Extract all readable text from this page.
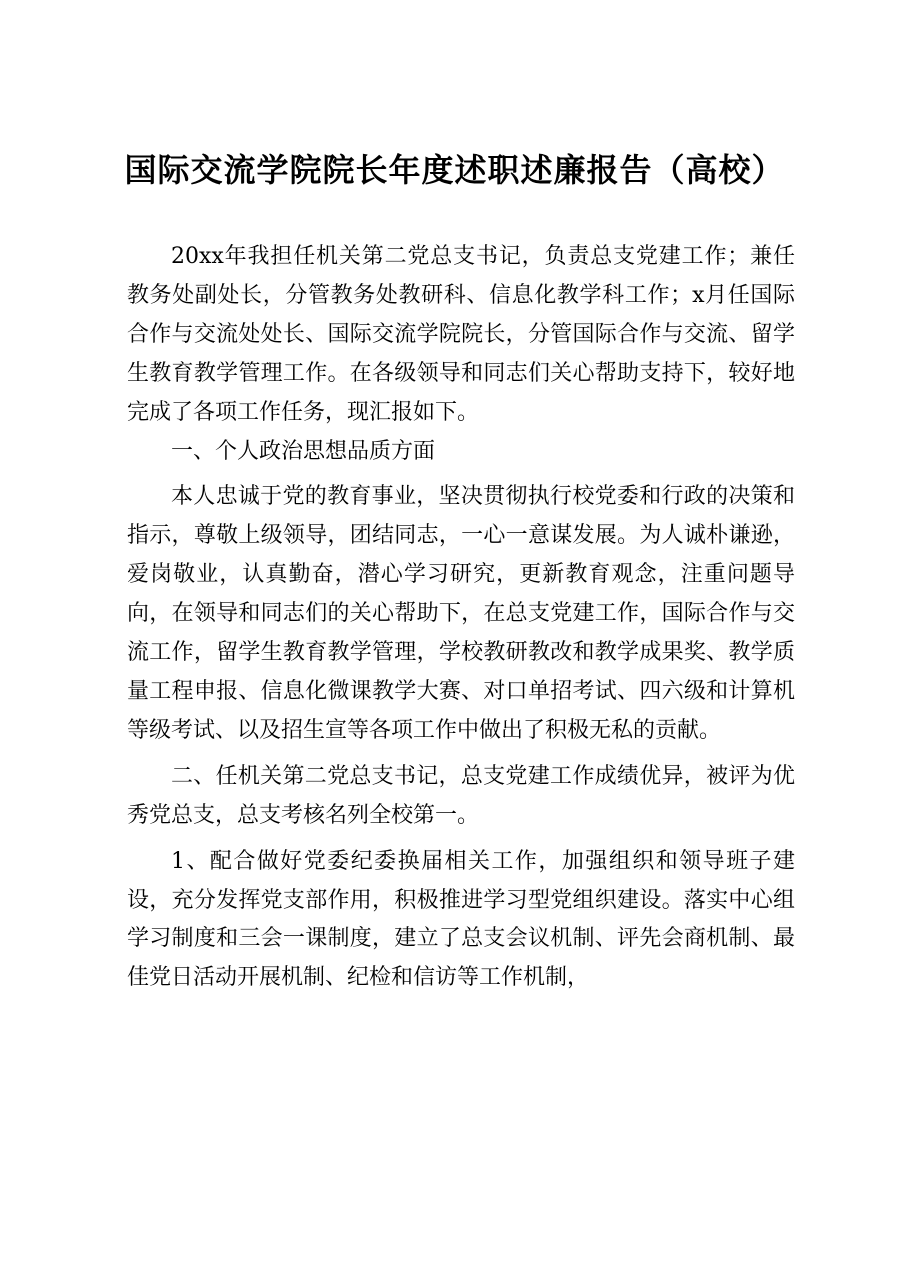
国际交流学院院长年度述职述廉报告（高校）

20xx年我担任机关第二党总支书记，负责总支党建工作；兼任教务处副处长，分管教务处教研科、信息化教学科工作；x月任国际合作与交流处处长、国际交流学院院长，分管国际合作与交流、留学生教育教学管理工作。在各级领导和同志们关心帮助支持下，较好地完成了各项工作任务，现汇报如下。

一、个人政治思想品质方面

本人忠诚于党的教育事业，坚决贯彻执行校党委和行政的决策和指示，尊敬上级领导，团结同志，一心一意谋发展。为人诚朴谦逊，爱岗敬业，认真勤奋，潜心学习研究，更新教育观念，注重问题导向，在领导和同志们的关心帮助下，在总支党建工作，国际合作与交流工作，留学生教育教学管理，学校教研教改和教学成果奖、教学质量工程申报、信息化微课教学大赛、对口单招考试、四六级和计算机等级考试、以及招生宣等各项工作中做出了积极无私的贡献。

二、任机关第二党总支书记，总支党建工作成绩优异，被评为优秀党总支，总支考核名列全校第一。

1、配合做好党委纪委换届相关工作，加强组织和领导班子建设，充分发挥党支部作用，积极推进学习型党组织建设。落实中心组学习制度和三会一课制度，建立了总支会议机制、评先会商机制、最佳党日活动开展机制、纪检和信访等工作机制，
